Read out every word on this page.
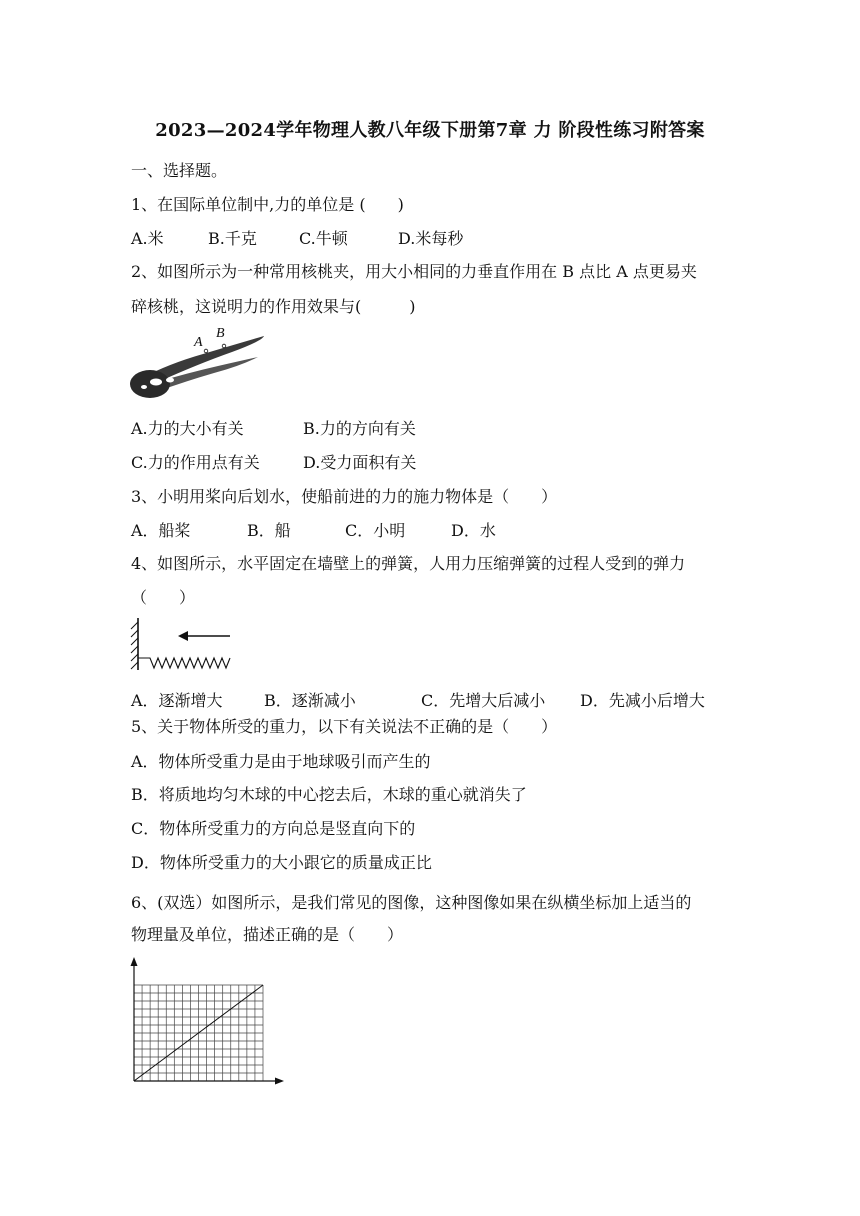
2023—2024学年物理人教八年级下册第7章 力 阶段性练习附答案
一、选择题。
1、在国际单位制中,力的单位是 (　　)
A.米	B.千克	C.牛顿	D.米每秒
2、如图所示为一种常用核桃夹，用大小相同的力垂直作用在 B 点比 A 点更易夹
碎核桃，这说明力的作用效果与(　　　)
A
B
A.力的大小有关	B.力的方向有关
C.力的作用点有关	D.受力面积有关
3、小明用桨向后划水，使船前进的力的施力物体是（　　）
A．船桨	B．船	C．小明	D．水
4、如图所示，水平固定在墙壁上的弹簧，人用力压缩弹簧的过程人受到的弹力
（　　）
A．逐渐增大	B．逐渐减小	C．先增大后减小 D．先减小后增大
5、关于物体所受的重力，以下有关说法不正确的是（　　）
A．物体所受重力是由于地球吸引而产生的
B．将质地均匀木球的中心挖去后，木球的重心就消失了
C．物体所受重力的方向总是竖直向下的
D．物体所受重力的大小跟它的质量成正比
6、(双选）如图所示，是我们常见的图像，这种图像如果在纵横坐标加上适当的
物理量及单位，描述正确的是（　　）
